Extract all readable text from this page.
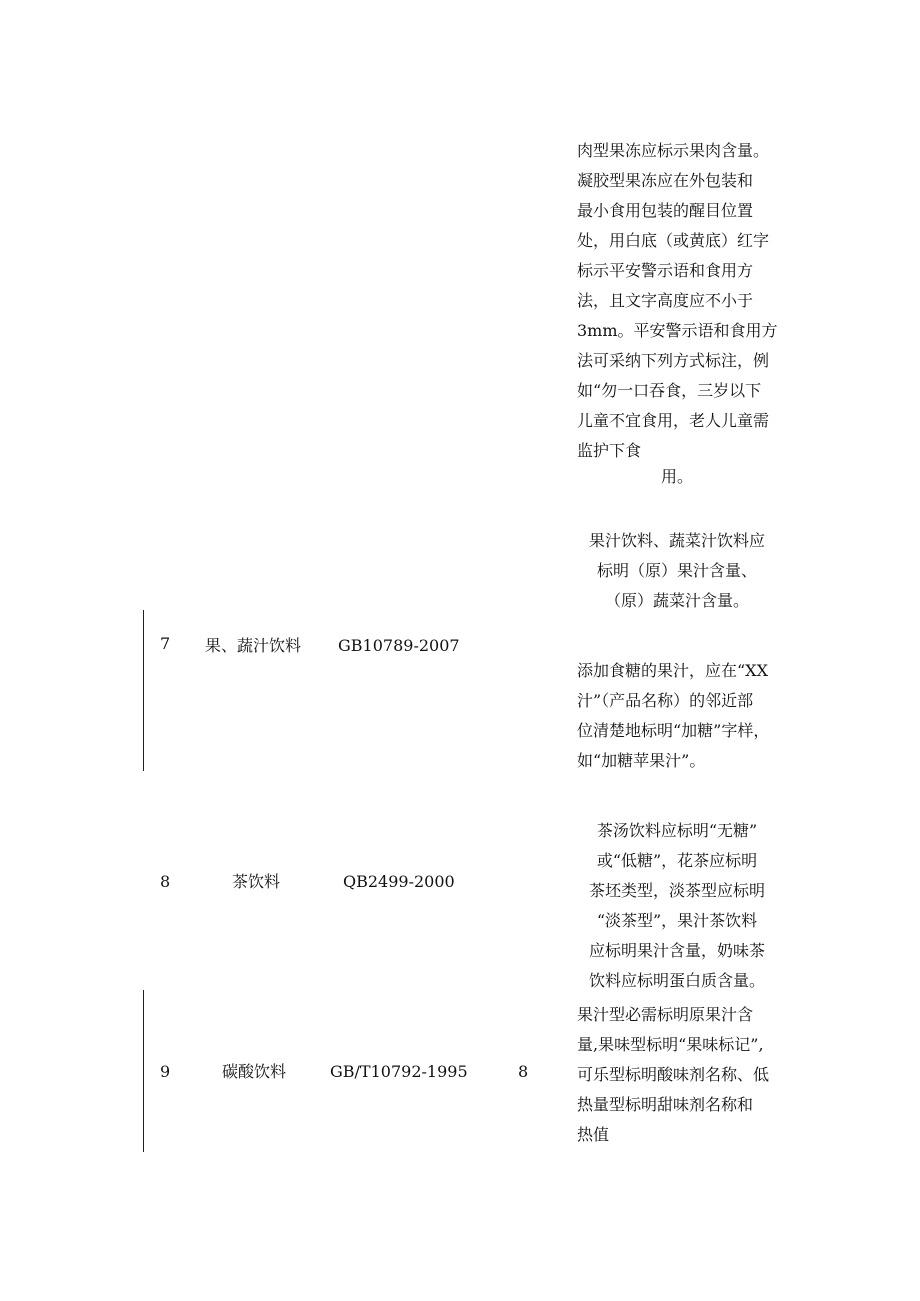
肉型果冻应标示果肉含量。
凝胶型果冻应在外包装和
最小食用包装的醒目位置
处，用白底（或黄底）红字
标示平安警示语和食用方
法，且文字高度应不小于
3mm。平安警示语和食用方
法可采纳下列方式标注，例
如“勿一口吞食，三岁以下
儿童不宜食用，老人儿童需
监护下食
用。
7 果、蔬汁饮料 GB10789-2007
果汁饮料、蔬菜汁饮料应
标明（原）果汁含量、
（原）蔬菜汁含量。
添加食糖的果汁，应在“XX
汁”（产品名称）的邻近部
位清楚地标明“加糖”字样，
如“加糖苹果汁”。
8	茶饮料	QB2499-2000
茶汤饮料应标明“无糖”
或“低糖”，花茶应标明
茶坯类型，淡茶型应标明
“淡茶型”，果汁茶饮料
应标明果汁含量，奶味茶
饮料应标明蛋白质含量。
9	碳酸饮料	GB/T10792-1995	8
果汁型必需标明原果汁含
量,果味型标明“果味标记”,
可乐型标明酸味剂名称、低
热量型标明甜味剂名称和
热值
